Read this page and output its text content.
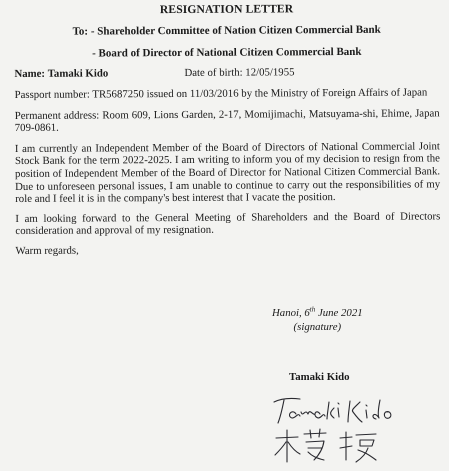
RESIGNATION LETTER
To: - Shareholder Committee of Nation Citizen Commercial Bank
- Board of Director of National Citizen Commercial Bank
Name: Tamaki Kido	Date of birth: 12/05/1955

Passport number: TR5687250 issued on 11/03/2016 by the Ministry of Foreign Affairs of Japan

Permanent address: Room 609, Lions Garden, 2-17, Momijimachi, Matsuyama-shi, Ehime, Japan 709-0861.

I am currently an Independent Member of the Board of Directors of National Commercial Joint Stock Bank for the term 2022-2025. I am writing to inform you of my decision to resign from the position of Independent Member of the Board of Director for National Citizen Commercial Bank. Due to unforeseen personal issues, I am unable to continue to carry out the responsibilities of my role and I feel it is in the company's best interest that I vacate the position.

I am looking forward to the General Meeting of Shareholders and the Board of Directors consideration and approval of my resignation.

Warm regards,

Hanoi, 6th June 2021
(signature)
Tamaki Kido
